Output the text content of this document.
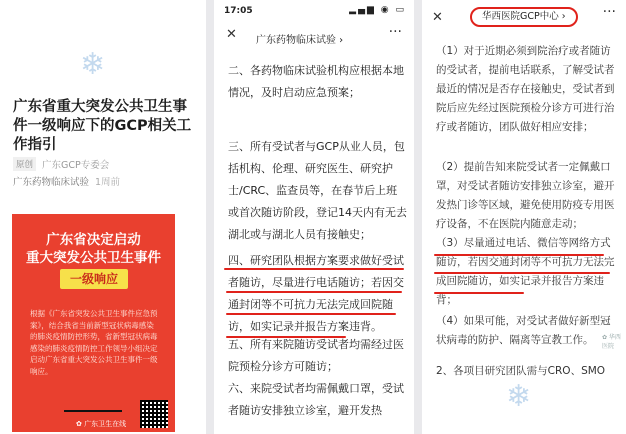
❄
广东省重大突发公共卫生事件一级响应下的GCP相关工作指引
原创 广东GCP专委会
广东药物临床试验 1周前
广东省决定启动
重大突发公共卫生事件
一级响应
根据《广东省突发公共卫生事件应急预案》，结合我省当前新型冠状病毒感染的肺炎疫情防控形势，省新型冠状病毒感染的肺炎疫情防控工作领导小组决定启动广东省重大突发公共卫生事件一级响应。
✿ 广东卫生在线
17:05	▂▄▆ ◉ ▭
✕ 广东药物临床试验 ›
···
二、各药物临床试验机构应根据本地情况，及时启动应急预案；
三、所有受试者与GCP从业人员，包括机构、伦理、研究医生、研究护士/CRC、监查员等，在春节后上班或首次随访阶段，登记14天内有无去湖北或与湖北人员有接触史；
四、研究团队根据方案要求做好受试者随访，尽量进行电话随访；若因交通封闭等不可抗力无法完成回院随访，如实记录并报告方案违背。
五、所有来院随访受试者均需经过医院预检分诊方可随访；
六、来院受试者均需佩戴口罩，受试者随访安排独立诊室，避开发热
✕	华西医院GCP中心 ›	···
（1）对于近期必须到院治疗或者随访的受试者，提前电话联系，了解受试者最近的情况是否存在接触史，受试者到院后应先经过医院预检分诊方可进行治疗或者随访，团队做好相应安排；
（2）提前告知来院受试者一定佩戴口罩，对受试者随访安排独立诊室，避开发热门诊等区域，避免使用防疫专用医疗设备，不在医院内随意走动；
（3）尽量通过电话、微信等网络方式随访，若因交通封闭等不可抗力无法完成回院随访，如实记录并报告方案违背；
（4）如果可能，对受试者做好新型冠状病毒的防护、隔离等宣教工作。
2、各项目研究团队需与CRO、SMO
❄
✿ 华西医院
